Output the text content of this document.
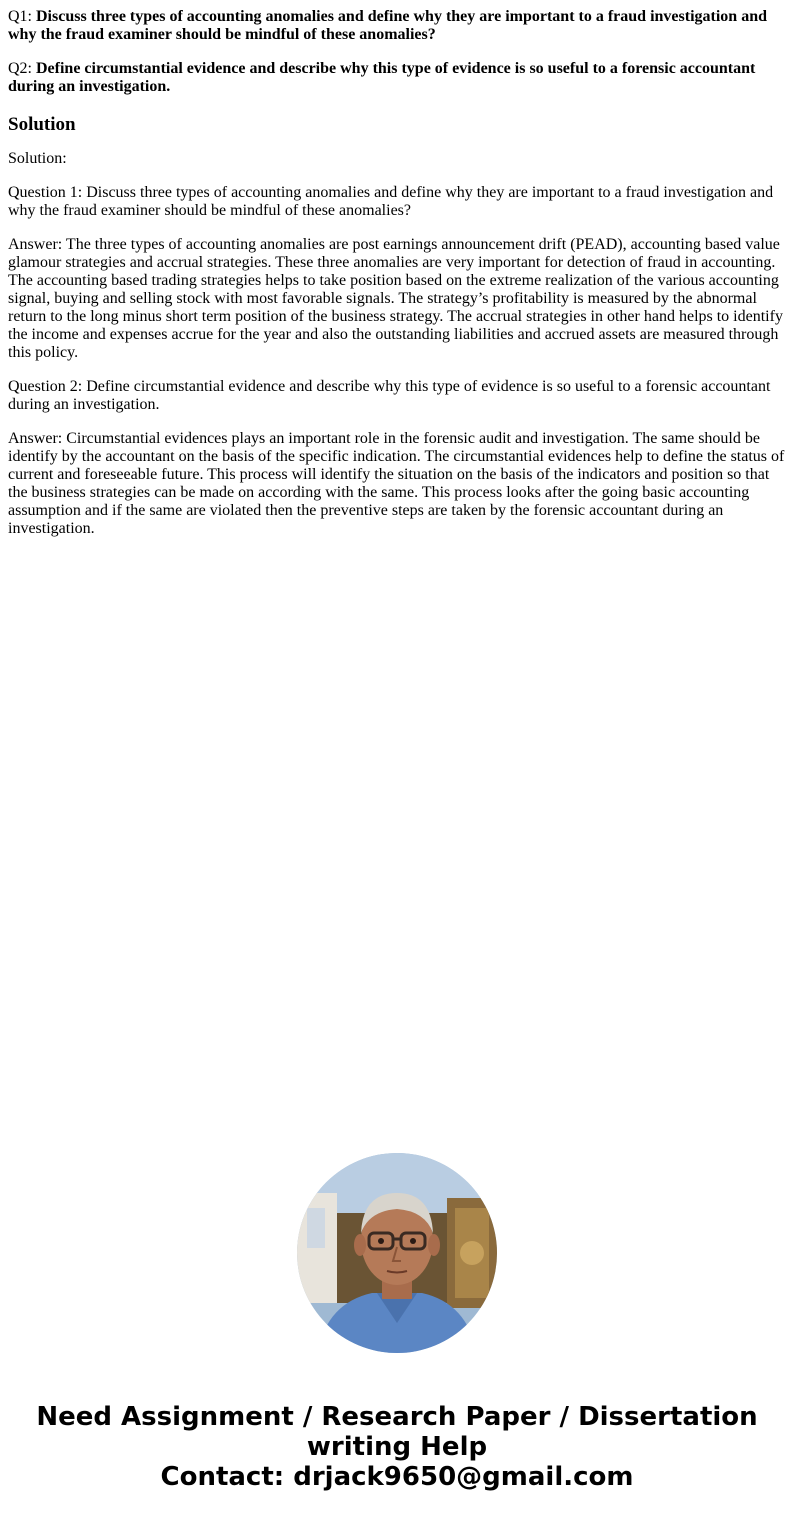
Q1: Discuss three types of accounting anomalies and define why they are important to a fraud investigation and why the fraud examiner should be mindful of these anomalies?

Q2: Define circumstantial evidence and describe why this type of evidence is so useful to a forensic accountant during an investigation.

Solution

Solution:

Question 1: Discuss three types of accounting anomalies and define why they are important to a fraud investigation and why the fraud examiner should be mindful of these anomalies?

Answer: The three types of accounting anomalies are post earnings announcement drift (PEAD), accounting based value glamour strategies and accrual strategies. These three anomalies are very important for detection of fraud in accounting. The accounting based trading strategies helps to take position based on the extreme realization of the various accounting signal, buying and selling stock with most favorable signals. The strategy’s profitability is measured by the abnormal return to the long minus short term position of the business strategy. The accrual strategies in other hand helps to identify the income and expenses accrue for the year and also the outstanding liabilities and accrued assets are measured through this policy.

Question 2: Define circumstantial evidence and describe why this type of evidence is so useful to a forensic accountant during an investigation.

Answer: Circumstantial evidences plays an important role in the forensic audit and investigation. The same should be identify by the accountant on the basis of the specific indication. The circumstantial evidences help to define the status of current and foreseeable future. This process will identify the situation on the basis of the indicators and position so that the business strategies can be made on according with the same. This process looks after the going basic accounting assumption and if the same are violated then the preventive steps are taken by the forensic accountant during an investigation.

Need Assignment / Research Paper / Dissertation
writing Help
Contact: drjack9650@gmail.com
